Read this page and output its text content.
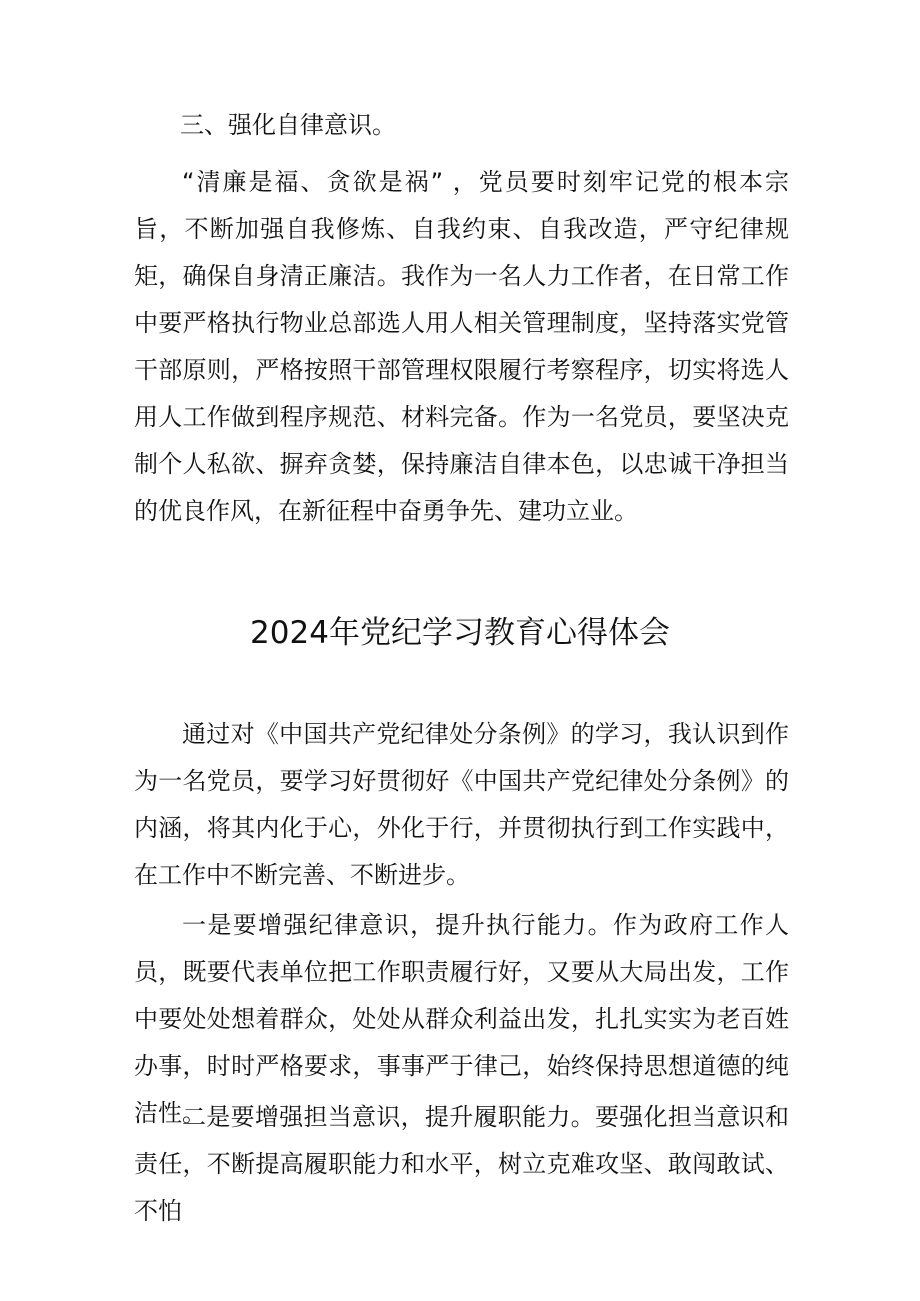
三、强化自律意识。
“清廉是福、贪欲是祸” ，党员要时刻牢记党的根本宗旨，不断加强自我修炼、自我约束、自我改造，严守纪律规矩，确保自身清正廉洁。我作为一名人力工作者，在日常工作中要严格执行物业总部选人用人相关管理制度，坚持落实党管干部原则，严格按照干部管理权限履行考察程序，切实将选人用人工作做到程序规范、材料完备。作为一名党员，要坚决克制个人私欲、摒弃贪婪，保持廉洁自律本色，以忠诚干净担当的优良作风，在新征程中奋勇争先、建功立业。
2024年党纪学习教育心得体会
通过对《中国共产党纪律处分条例》的学习，我认识到作为一名党员，要学习好贯彻好《中国共产党纪律处分条例》的内涵，将其内化于心，外化于行，并贯彻执行到工作实践中，在工作中不断完善、不断进步。
一是要增强纪律意识，提升执行能力。作为政府工作人员，既要代表单位把工作职责履行好，又要从大局出发，工作中要处处想着群众，处处从群众利益出发，扎扎实实为老百姓办事，时时严格要求，事事严于律己，始终保持思想道德的纯洁性。
二是要增强担当意识，提升履职能力。要强化担当意识和责任，不断提高履职能力和水平，树立克难攻坚、敢闯敢试、不怕
